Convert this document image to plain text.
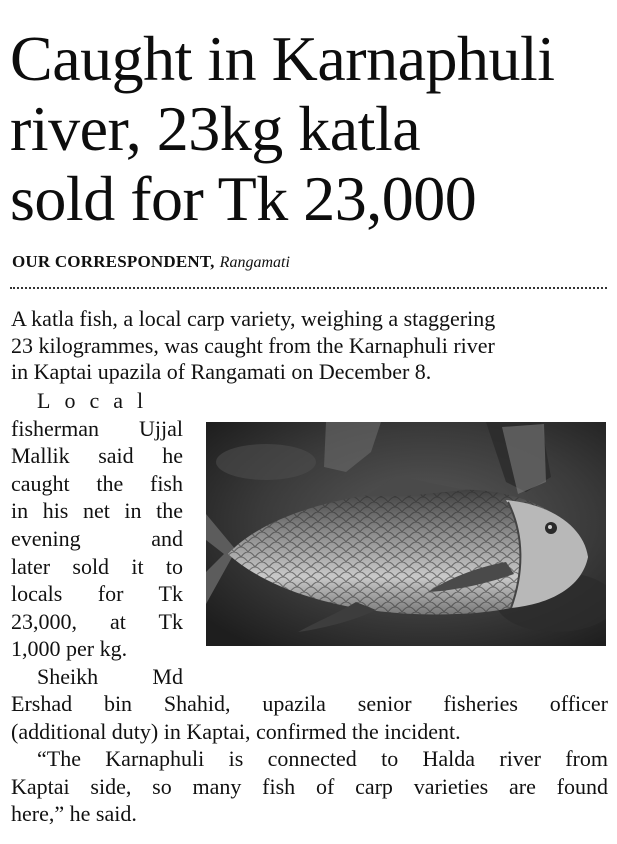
Caught in Karnaphuli
river, 23kg katla
sold for Tk 23,000
OUR CORRESPONDENT, Rangamati

A katla fish, a local carp variety, weighing a staggering
23 kilogrammes, was caught from the Karnaphuli river
in Kaptai upazila of Rangamati on December 8.

Local
fisherman Ujjal
Mallik said he
caught the fish
in his net in the
evening and
later sold it to
locals for Tk
23,000, at Tk
1,000 per kg.
Sheikh Md
Ershad bin Shahid, upazila senior fisheries officer
(additional duty) in Kaptai, confirmed the incident.
“The Karnaphuli is connected to Halda river from
Kaptai side, so many fish of carp varieties are found
here,” he said.
